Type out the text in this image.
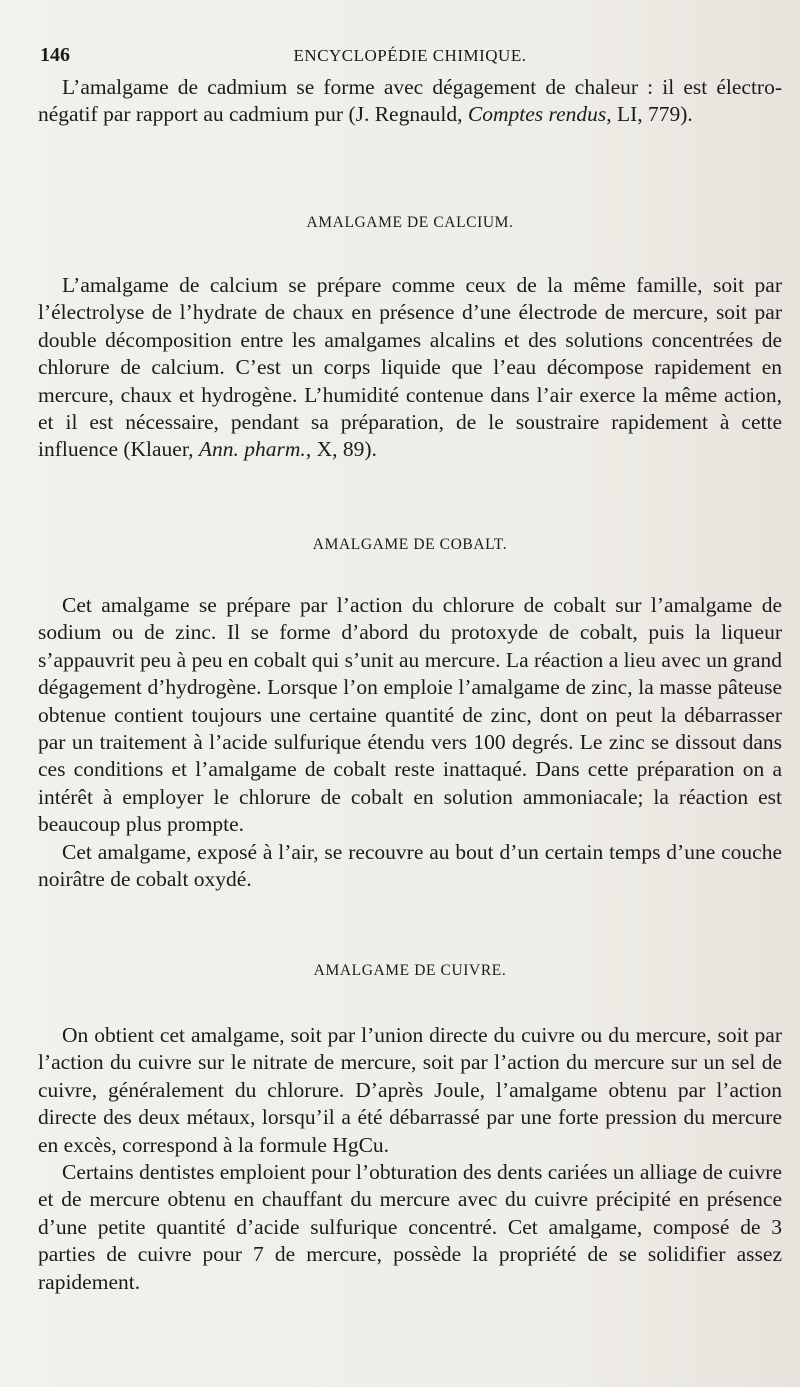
146	ENCYCLOPÉDIE CHIMIQUE.

L’amalgame de cadmium se forme avec dégagement de chaleur : il est électro-négatif par rapport au cadmium pur (J. Regnauld, Comptes rendus, LI, 779).

AMALGAME DE CALCIUM.

L’amalgame de calcium se prépare comme ceux de la même famille, soit par l’électrolyse de l’hydrate de chaux en présence d’une électrode de mercure, soit par double décomposition entre les amalgames alcalins et des solutions concentrées de chlorure de calcium. C’est un corps liquide que l’eau décompose rapidement en mercure, chaux et hydrogène. L’humidité contenue dans l’air exerce la même action, et il est nécessaire, pendant sa préparation, de le soustraire rapidement à cette influence (Klauer, Ann. pharm., X, 89).

AMALGAME DE COBALT.

Cet amalgame se prépare par l’action du chlorure de cobalt sur l’amalgame de sodium ou de zinc. Il se forme d’abord du protoxyde de cobalt, puis la liqueur s’appauvrit peu à peu en cobalt qui s’unit au mercure. La réaction a lieu avec un grand dégagement d’hydrogène. Lorsque l’on emploie l’amalgame de zinc, la masse pâteuse obtenue contient toujours une certaine quantité de zinc, dont on peut la débarrasser par un traitement à l’acide sulfurique étendu vers 100 degrés. Le zinc se dissout dans ces conditions et l’amalgame de cobalt reste inattaqué. Dans cette préparation on a intérêt à employer le chlorure de cobalt en solution ammoniacale; la réaction est beaucoup plus prompte.

Cet amalgame, exposé à l’air, se recouvre au bout d’un certain temps d’une couche noirâtre de cobalt oxydé.

AMALGAME DE CUIVRE.

On obtient cet amalgame, soit par l’union directe du cuivre ou du mercure, soit par l’action du cuivre sur le nitrate de mercure, soit par l’action du mercure sur un sel de cuivre, généralement du chlorure. D’après Joule, l’amalgame obtenu par l’action directe des deux métaux, lorsqu’il a été débarrassé par une forte pression du mercure en excès, correspond à la formule HgCu.

Certains dentistes emploient pour l’obturation des dents cariées un alliage de cuivre et de mercure obtenu en chauffant du mercure avec du cuivre précipité en présence d’une petite quantité d’acide sulfurique concentré. Cet amalgame, composé de 3 parties de cuivre pour 7 de mercure, possède la propriété de se solidifier assez rapidement.
